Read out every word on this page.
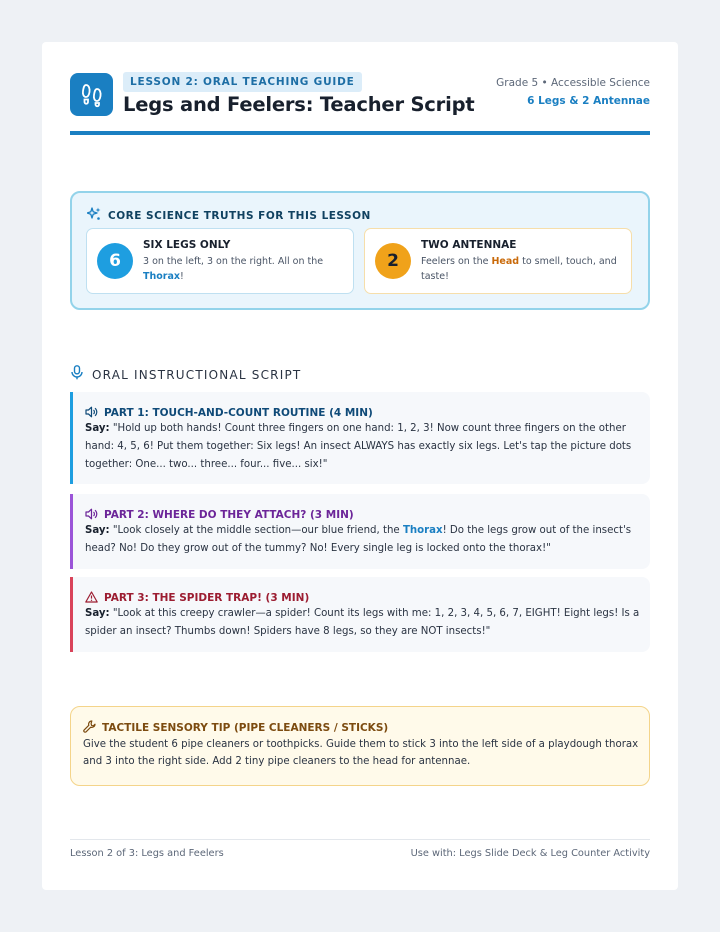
LESSON 2: ORAL TEACHING GUIDE
Legs and Feelers: Teacher Script
Grade 5 • Accessible Science
6 Legs & 2 Antennae
CORE SCIENCE TRUTHS FOR THIS LESSON
6
SIX LEGS ONLY
3 on the left, 3 on the right. All on the Thorax!
2
TWO ANTENNAE
Feelers on the Head to smell, touch, and taste!
ORAL INSTRUCTIONAL SCRIPT
PART 1: TOUCH-AND-COUNT ROUTINE (4 MIN)
Say: "Hold up both hands! Count three fingers on one hand: 1, 2, 3! Now count three fingers on the other hand: 4, 5, 6! Put them together: Six legs! An insect ALWAYS has exactly six legs. Let's tap the picture dots together: One... two... three... four... five... six!"
PART 2: WHERE DO THEY ATTACH? (3 MIN)
Say: "Look closely at the middle section—our blue friend, the Thorax! Do the legs grow out of the insect's head? No! Do they grow out of the tummy? No! Every single leg is locked onto the thorax!"
PART 3: THE SPIDER TRAP! (3 MIN)
Say: "Look at this creepy crawler—a spider! Count its legs with me: 1, 2, 3, 4, 5, 6, 7, EIGHT! Eight legs! Is a spider an insect? Thumbs down! Spiders have 8 legs, so they are NOT insects!"
TACTILE SENSORY TIP (PIPE CLEANERS / STICKS)
Give the student 6 pipe cleaners or toothpicks. Guide them to stick 3 into the left side of a playdough thorax and 3 into the right side. Add 2 tiny pipe cleaners to the head for antennae.
Lesson 2 of 3: Legs and Feelers	Use with: Legs Slide Deck & Leg Counter Activity
